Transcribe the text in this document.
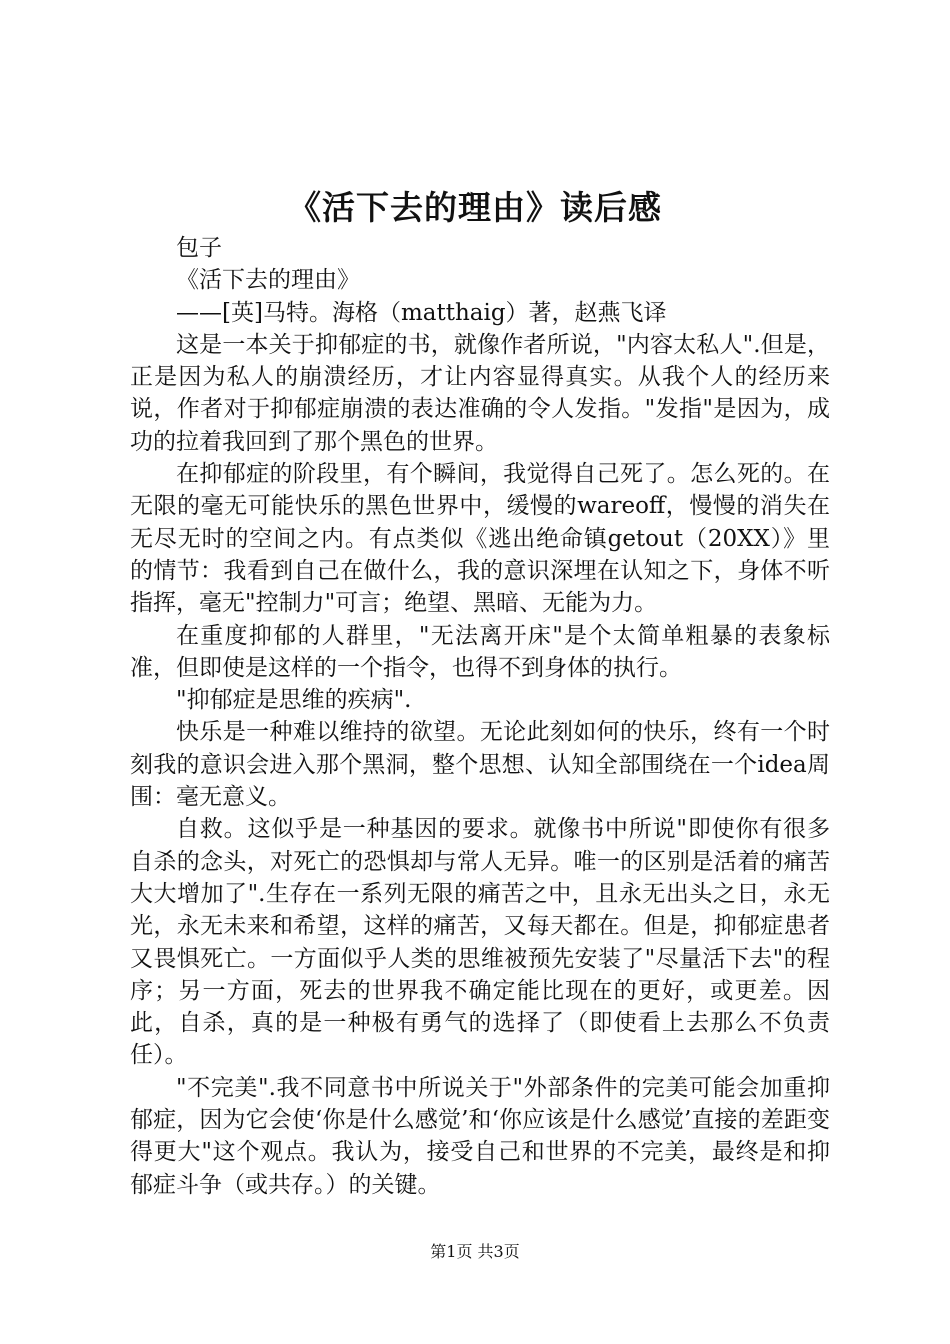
《活下去的理由》读后感

包子

《活下去的理由》

——[英]马特。海格（matthaig）著，赵燕飞译

这是一本关于抑郁症的书，就像作者所说，"内容太私人".但是，正是因为私人的崩溃经历，才让内容显得真实。从我个人的经历来说，作者对于抑郁症崩溃的表达准确的令人发指。"发指"是因为，成功的拉着我回到了那个黑色的世界。

在抑郁症的阶段里，有个瞬间，我觉得自己死了。怎么死的。在无限的毫无可能快乐的黑色世界中，缓慢的wareoff，慢慢的消失在无尽无时的空间之内。有点类似《逃出绝命镇getout（20XX）》里的情节：我看到自己在做什么，我的意识深埋在认知之下，身体不听指挥，毫无"控制力"可言；绝望、黑暗、无能为力。

在重度抑郁的人群里，"无法离开床"是个太简单粗暴的表象标准，但即使是这样的一个指令，也得不到身体的执行。

"抑郁症是思维的疾病".

快乐是一种难以维持的欲望。无论此刻如何的快乐，终有一个时刻我的意识会进入那个黑洞，整个思想、认知全部围绕在一个idea周围：毫无意义。

自救。这似乎是一种基因的要求。就像书中所说"即使你有很多自杀的念头，对死亡的恐惧却与常人无异。唯一的区别是活着的痛苦大大增加了".生存在一系列无限的痛苦之中，且永无出头之日，永无光，永无未来和希望，这样的痛苦，又每天都在。但是，抑郁症患者又畏惧死亡。一方面似乎人类的思维被预先安装了"尽量活下去"的程序；另一方面，死去的世界我不确定能比现在的更好，或更差。因此，自杀，真的是一种极有勇气的选择了（即使看上去那么不负责任）。

"不完美".我不同意书中所说关于"外部条件的完美可能会加重抑郁症，因为它会使‘你是什么感觉’和‘你应该是什么感觉’直接的差距变得更大"这个观点。我认为，接受自己和世界的不完美，最终是和抑郁症斗争（或共存。）的关键。

第1页 共3页
